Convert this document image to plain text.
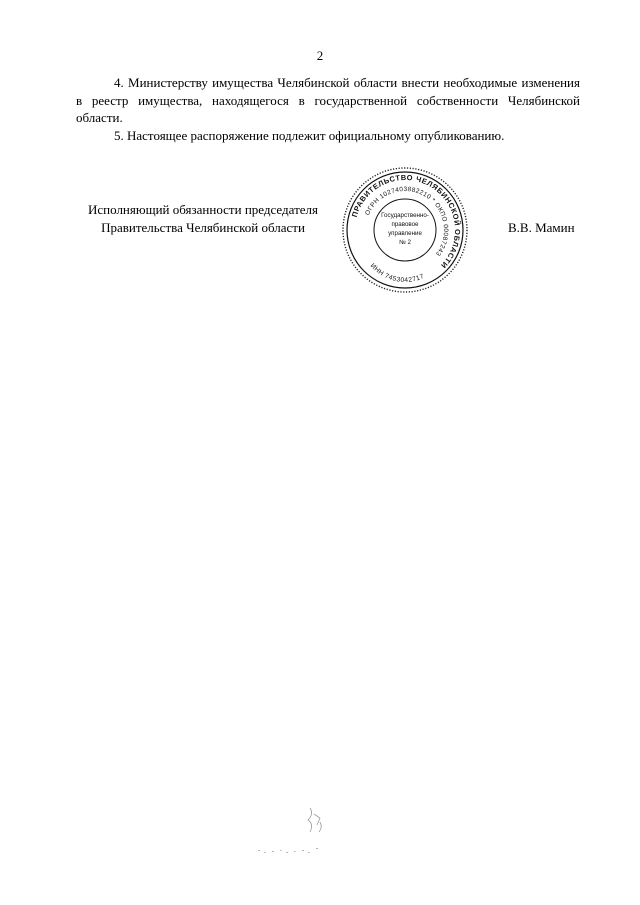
2

4. Министерству имущества Челябинской области внести необходимые изменения в реестр имущества, находящегося в государственной собственности Челябинской области.

5. Настоящее распоряжение подлежит официальному опубликованию.

Исполняющий обязанности председателя
Правительства Челябинской области	В.В. Мамин
ПРАВИТЕЛЬСТВО ЧЕЛЯБИНСКОЙ ОБЛАСТИ
ОГРН 1027403882210 * ОКПО 00087243
ИНН 7453042717
Государственно-
правовое
управление
№ 2
